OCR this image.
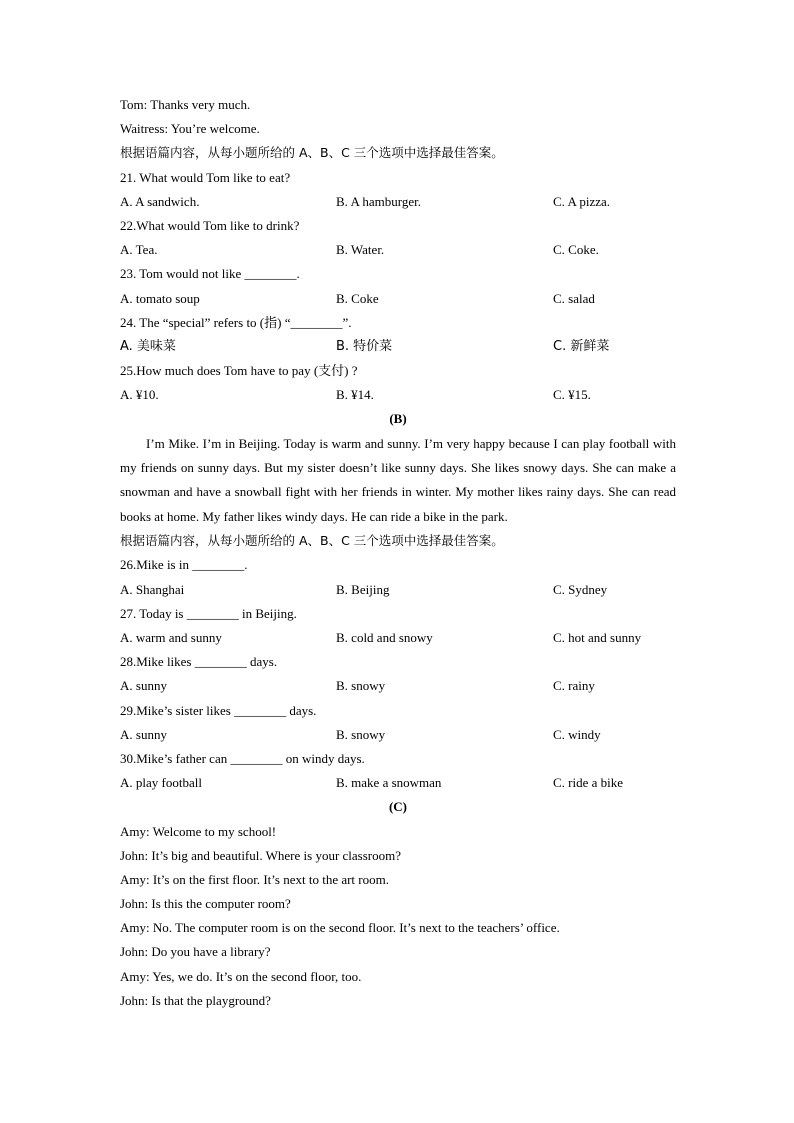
Tom: Thanks very much.
Waitress: You’re welcome.
根据语篇内容，从每小题所给的 A、B、C 三个选项中选择最佳答案。
21. What would Tom like to eat?
A. A sandwich.	B. A hamburger.	C. A pizza.
22.What would Tom like to drink?
A. Tea.	B. Water.	C. Coke.
23. Tom would not like ________.
A. tomato soup	B. Coke	C. salad
24. The “special” refers to (指) “________”.
A. 美味菜	B. 特价菜	C. 新鲜菜
25.How much does Tom have to pay (支付) ?
A. ¥10.	B. ¥14.	C. ¥15.
(B)

I’m Mike. I’m in Beijing. Today is warm and sunny. I’m very happy because I can play football with my friends on sunny days. But my sister doesn’t like sunny days. She likes snowy days. She can make a snowman and have a snowball fight with her friends in winter. My mother likes rainy days. She can read books at home. My father likes windy days. He can ride a bike in the park.

根据语篇内容，从每小题所给的 A、B、C 三个选项中选择最佳答案。
26.Mike is in ________.
A. Shanghai	B. Beijing	C. Sydney
27. Today is ________ in Beijing.
A. warm and sunny	B. cold and snowy	C. hot and sunny
28.Mike likes ________ days.
A. sunny	B. snowy	C. rainy
29.Mike’s sister likes ________ days.
A. sunny	B. snowy	C. windy
30.Mike’s father can ________ on windy days.
A. play football	B. make a snowman	C. ride a bike
(C)
Amy: Welcome to my school!
John: It’s big and beautiful. Where is your classroom?
Amy: It’s on the first floor. It’s next to the art room.
John: Is this the computer room?
Amy: No. The computer room is on the second floor. It’s next to the teachers’ office.
John: Do you have a library?
Amy: Yes, we do. It’s on the second floor, too.
John: Is that the playground?
